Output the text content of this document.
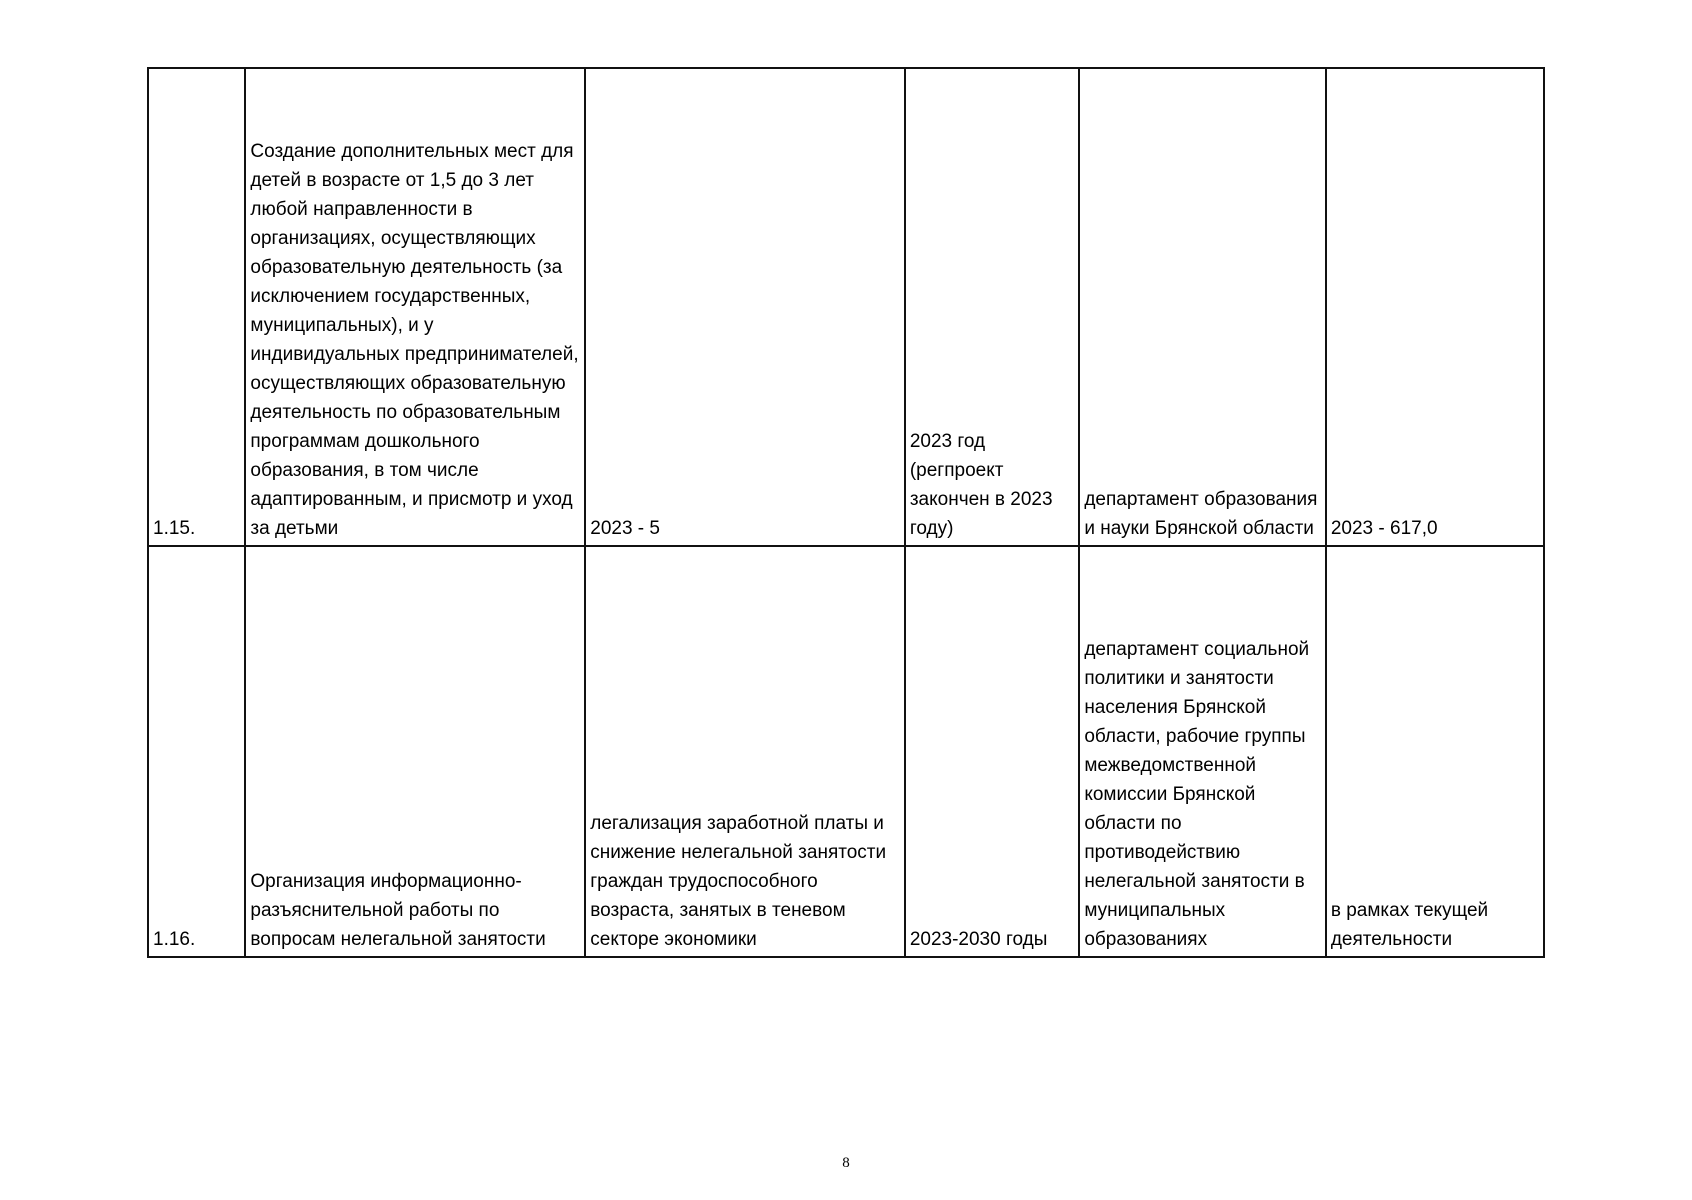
1.15.	Создание дополнительных мест для детей в возрасте от 1,5 до 3 лет любой направленности в организациях, осуществляющих образовательную деятельность (за исключением государственных, муниципальных), и у индивидуальных предпринимателей, осуществляющих образовательную деятельность по образовательным программам дошкольного образования, в том числе адаптированным, и присмотр и уход за детьми	2023 - 5	2023 год (регпроект закончен в 2023 году)	департамент образования и науки Брянской области	2023 - 617,0
1.16.	Организация информационно-разъяснительной работы по вопросам нелегальной занятости	легализация заработной платы и снижение нелегальной занятости граждан трудоспособного возраста, занятых в теневом секторе экономики	2023-2030 годы	департамент социальной политики и занятости населения Брянской области, рабочие группы межведомственной комиссии Брянской области по противодействию нелегальной занятости в муниципальных образованиях	в рамках текущей деятельности
8
